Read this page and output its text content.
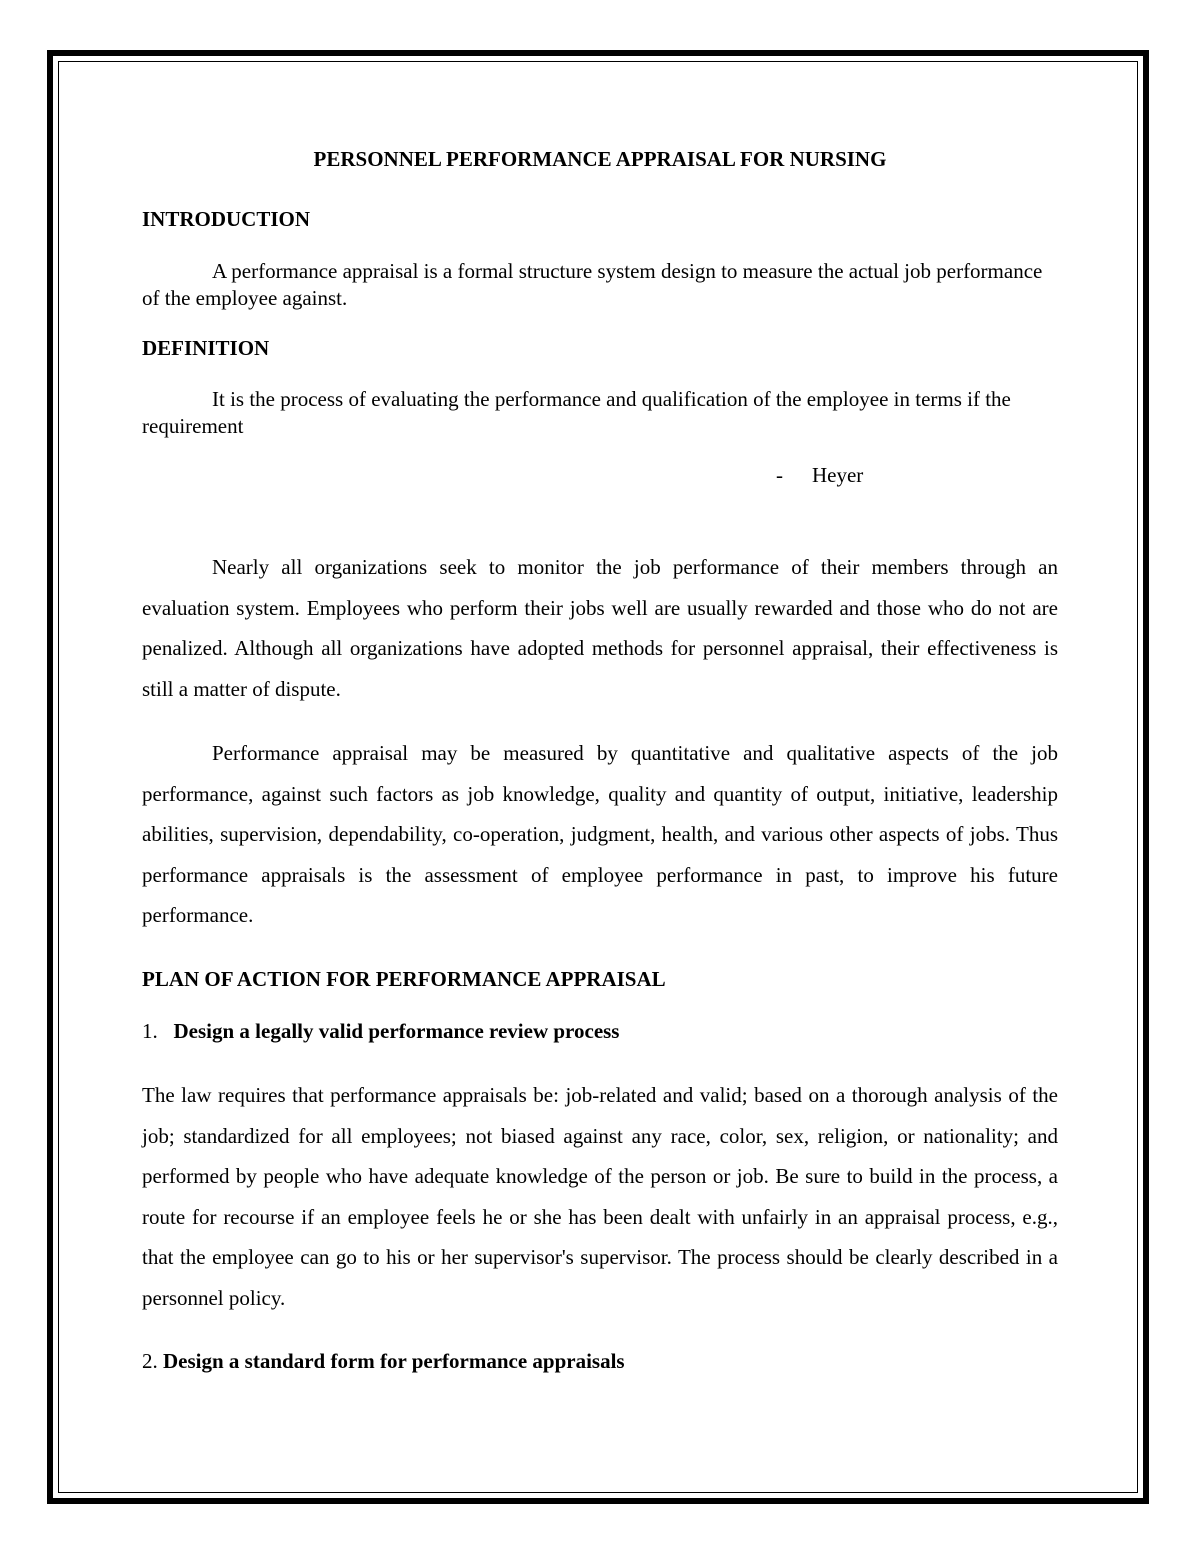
PERSONNEL PERFORMANCE APPRAISAL FOR NURSING
INTRODUCTION

A performance appraisal is a formal structure system design to measure the actual job performance of the employee against.

DEFINITION

It is the process of evaluating the performance and qualification of the employee in terms if the requirement

- Heyer

Nearly all organizations seek to monitor the job performance of their members through an evaluation system. Employees who perform their jobs well are usually rewarded and those who do not are penalized. Although all organizations have adopted methods for personnel appraisal, their effectiveness is still a matter of dispute.

Performance appraisal may be measured by quantitative and qualitative aspects of the job performance, against such factors as job knowledge, quality and quantity of output, initiative, leadership abilities, supervision, dependability, co-operation, judgment, health, and various other aspects of jobs. Thus performance appraisals is the assessment of employee performance in past, to improve his future performance.

PLAN OF ACTION FOR PERFORMANCE APPRAISAL

1. Design a legally valid performance review process

The law requires that performance appraisals be: job-related and valid; based on a thorough analysis of the job; standardized for all employees; not biased against any race, color, sex, religion, or nationality; and performed by people who have adequate knowledge of the person or job. Be sure to build in the process, a route for recourse if an employee feels he or she has been dealt with unfairly in an appraisal process, e.g., that the employee can go to his or her supervisor's supervisor. The process should be clearly described in a personnel policy.

2. Design a standard form for performance appraisals
